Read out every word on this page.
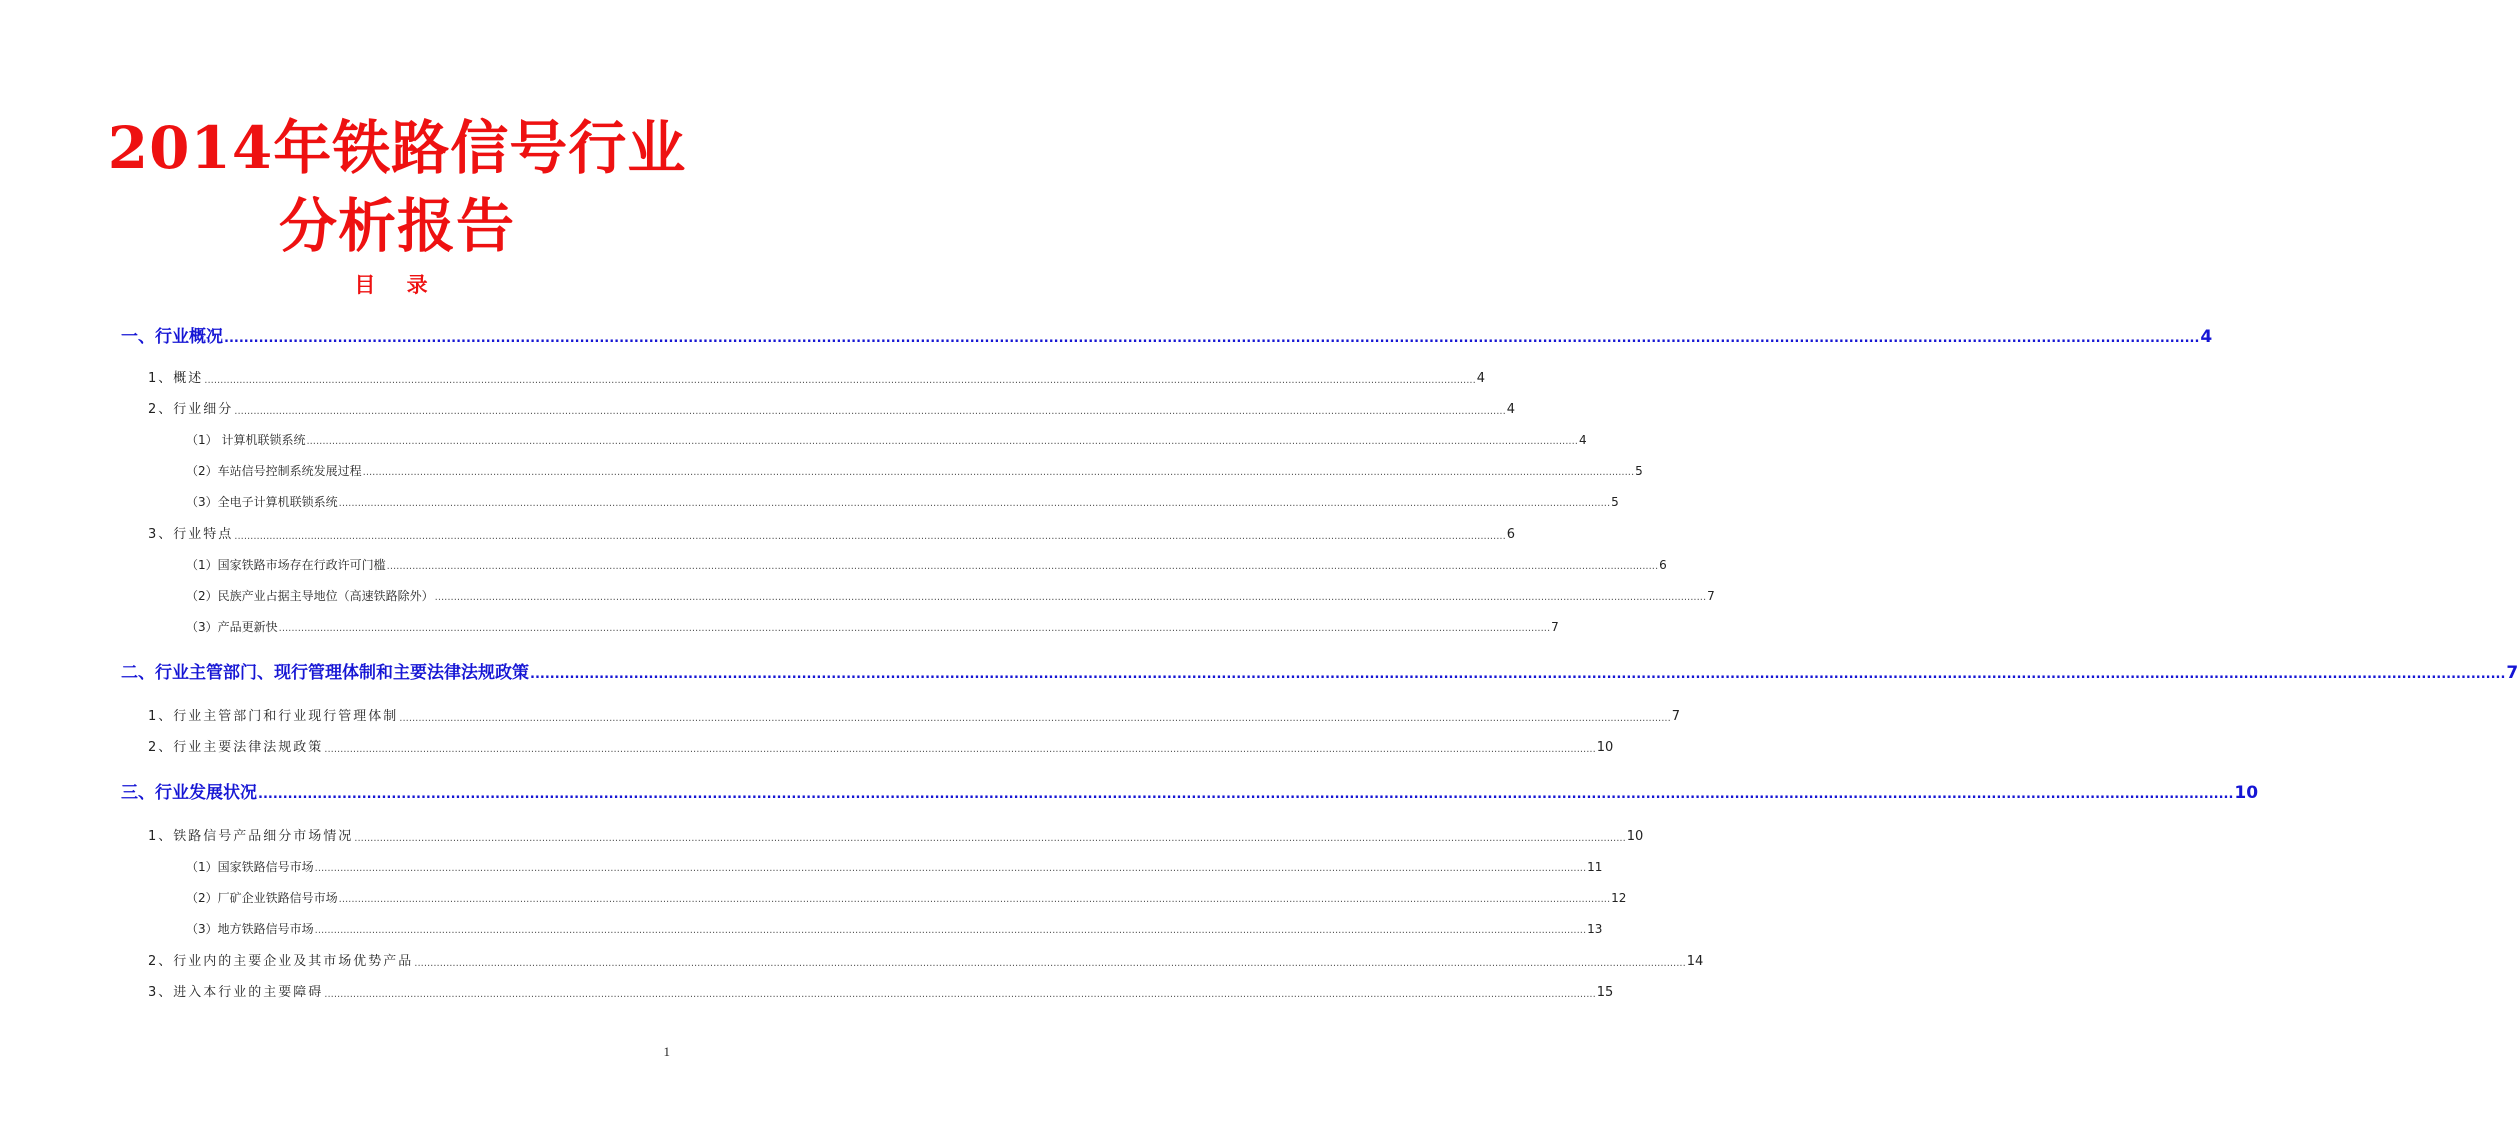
2014年铁路信号行业
分析报告
目 录
一、行业概况 ................................................................................................................................................................................................................................................................................................................................................................................................................ 4
1、概述 ................................................................................................................................................................................................................................................................................................................................................................................................................ 4
2、行业细分 ................................................................................................................................................................................................................................................................................................................................................................................................................ 4
（1） 计算机联锁系统 ................................................................................................................................................................................................................................................................................................................................................................................................................ 4
（2）车站信号控制系统发展过程 ................................................................................................................................................................................................................................................................................................................................................................................................................ 5
（3）全电子计算机联锁系统 ................................................................................................................................................................................................................................................................................................................................................................................................................ 5
3、行业特点 ................................................................................................................................................................................................................................................................................................................................................................................................................ 6
（1）国家铁路市场存在行政许可门槛 ................................................................................................................................................................................................................................................................................................................................................................................................................ 6
（2）民族产业占据主导地位（高速铁路除外） ................................................................................................................................................................................................................................................................................................................................................................................................................ 7
（3）产品更新快 ................................................................................................................................................................................................................................................................................................................................................................................................................ 7
二、行业主管部门、现行管理体制和主要法律法规政策 ................................................................................................................................................................................................................................................................................................................................................................................................................ 7
1、行业主管部门和行业现行管理体制 ................................................................................................................................................................................................................................................................................................................................................................................................................ 7
2、行业主要法律法规政策 ................................................................................................................................................................................................................................................................................................................................................................................................................ 10
三、行业发展状况 ................................................................................................................................................................................................................................................................................................................................................................................................................ 10
1、铁路信号产品细分市场情况 ................................................................................................................................................................................................................................................................................................................................................................................................................ 10
（1）国家铁路信号市场 ................................................................................................................................................................................................................................................................................................................................................................................................................ 11
（2）厂矿企业铁路信号市场 ................................................................................................................................................................................................................................................................................................................................................................................................................ 12
（3）地方铁路信号市场 ................................................................................................................................................................................................................................................................................................................................................................................................................ 13
2、行业内的主要企业及其市场优势产品 ................................................................................................................................................................................................................................................................................................................................................................................................................ 14
3、进入本行业的主要障碍 ................................................................................................................................................................................................................................................................................................................................................................................................................ 15
1
